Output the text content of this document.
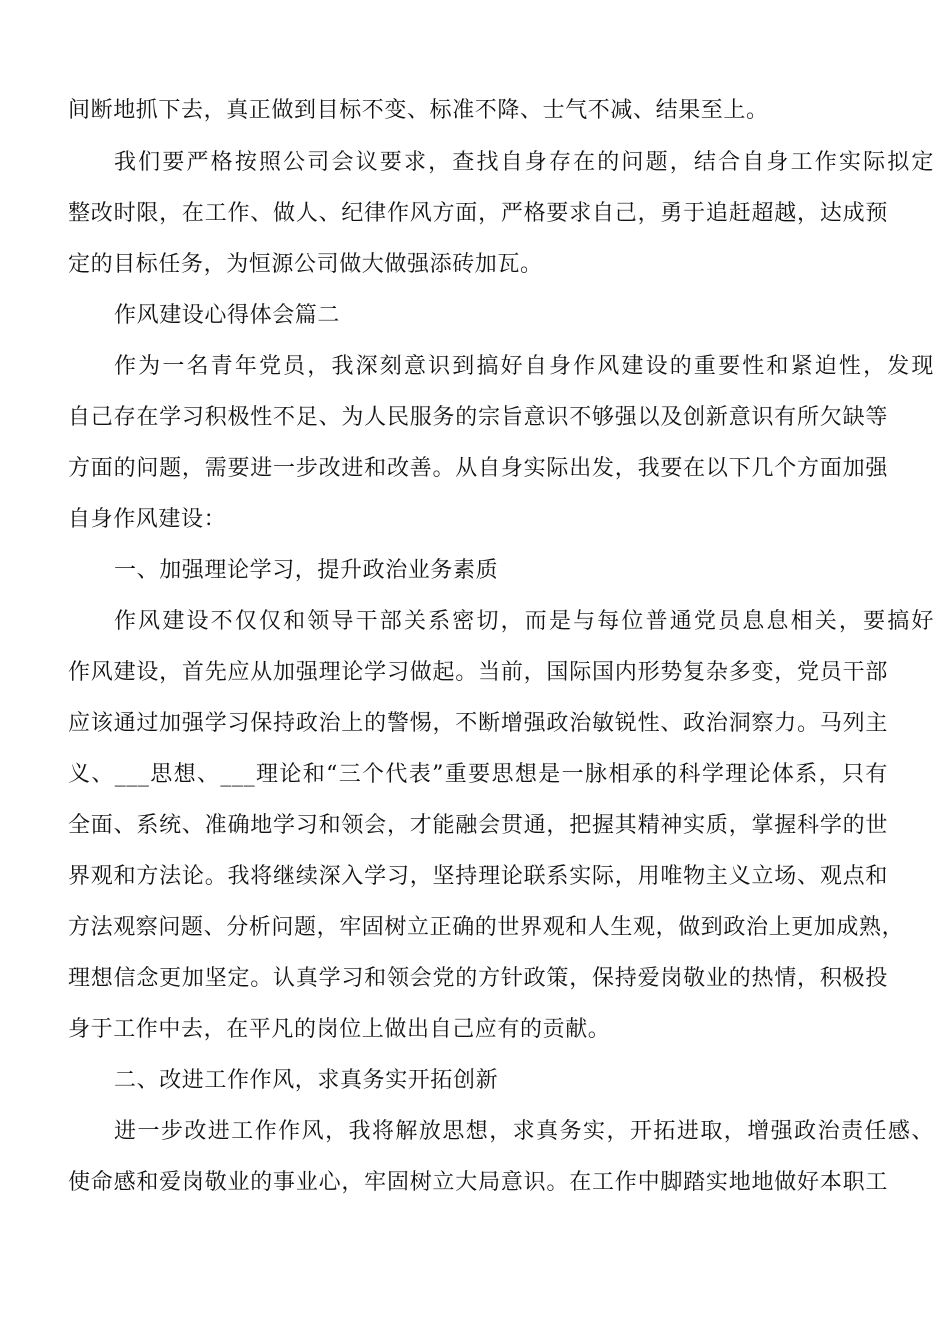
间断地抓下去，真正做到目标不变、标准不降、士气不减、结果至上。
我们要严格按照公司会议要求，查找自身存在的问题，结合自身工作实际拟定
整改时限，在工作、做人、纪律作风方面，严格要求自己，勇于追赶超越，达成预
定的目标任务，为恒源公司做大做强添砖加瓦。
作风建设心得体会篇二
作为一名青年党员，我深刻意识到搞好自身作风建设的重要性和紧迫性，发现
自己存在学习积极性不足、为人民服务的宗旨意识不够强以及创新意识有所欠缺等
方面的问题，需要进一步改进和改善。从自身实际出发，我要在以下几个方面加强
自身作风建设：
一、加强理论学习，提升政治业务素质
作风建设不仅仅和领导干部关系密切，而是与每位普通党员息息相关，要搞好
作风建设，首先应从加强理论学习做起。当前，国际国内形势复杂多变，党员干部
应该通过加强学习保持政治上的警惕，不断增强政治敏锐性、政治洞察力。马列主
义、___思想、___理论和“三个代表”重要思想是一脉相承的科学理论体系，只有
全面、系统、准确地学习和领会，才能融会贯通，把握其精神实质，掌握科学的世
界观和方法论。我将继续深入学习，坚持理论联系实际，用唯物主义立场、观点和
方法观察问题、分析问题，牢固树立正确的世界观和人生观，做到政治上更加成熟，
理想信念更加坚定。认真学习和领会党的方针政策，保持爱岗敬业的热情，积极投
身于工作中去，在平凡的岗位上做出自己应有的贡献。
二、改进工作作风，求真务实开拓创新
进一步改进工作作风，我将解放思想，求真务实，开拓进取，增强政治责任感、
使命感和爱岗敬业的事业心，牢固树立大局意识。在工作中脚踏实地地做好本职工
